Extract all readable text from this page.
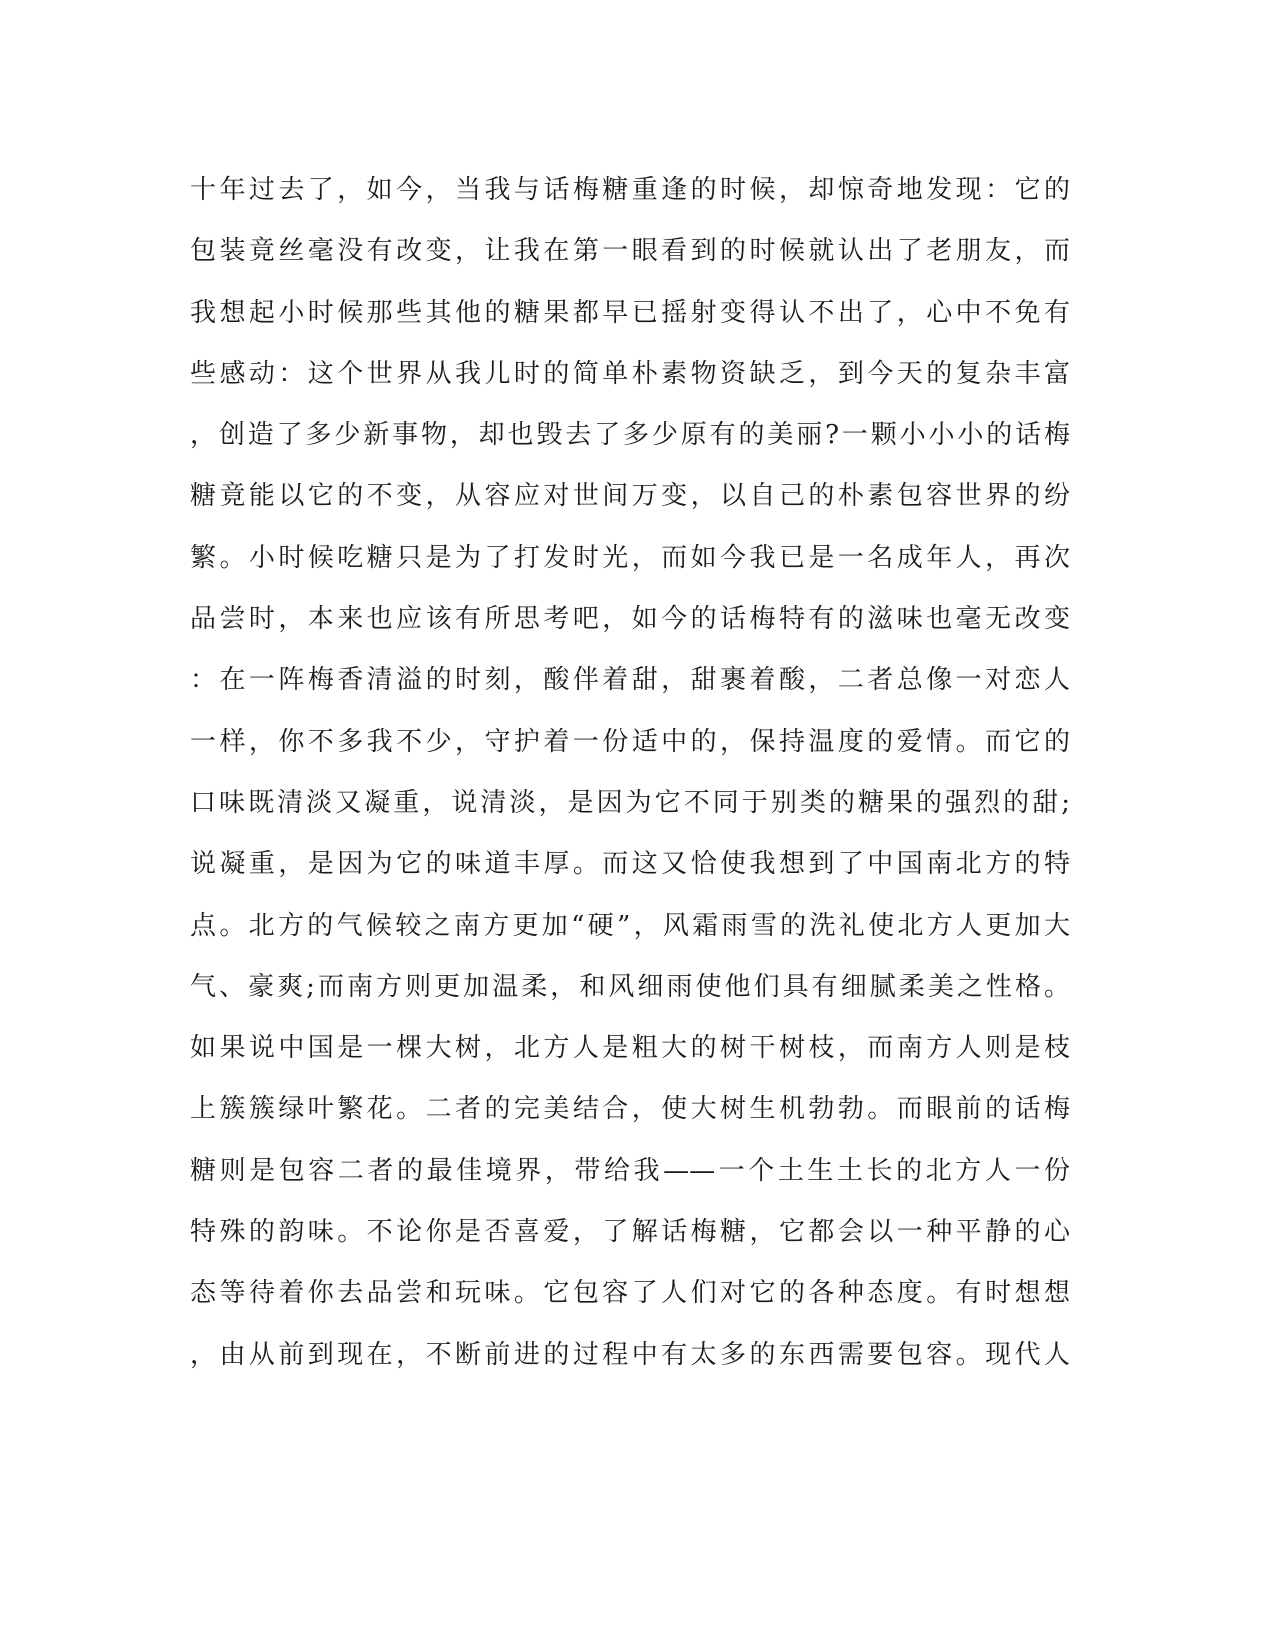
十年过去了，如今，当我与话梅糖重逢的时候，却惊奇地发现：它的
包装竟丝毫没有改变，让我在第一眼看到的时候就认出了老朋友，而
我想起小时候那些其他的糖果都早已摇射变得认不出了，心中不免有
些感动：这个世界从我儿时的简单朴素物资缺乏，到今天的复杂丰富
，创造了多少新事物，却也毁去了多少原有的美丽?一颗小小小的话梅
糖竟能以它的不变，从容应对世间万变，以自己的朴素包容世界的纷
繁。小时候吃糖只是为了打发时光，而如今我已是一名成年人，再次
品尝时，本来也应该有所思考吧，如今的话梅特有的滋味也毫无改变
：在一阵梅香清溢的时刻，酸伴着甜，甜裹着酸，二者总像一对恋人
一样，你不多我不少，守护着一份适中的，保持温度的爱情。而它的
口味既清淡又凝重，说清淡，是因为它不同于别类的糖果的强烈的甜;
说凝重，是因为它的味道丰厚。而这又恰使我想到了中国南北方的特
点。北方的气候较之南方更加“硬”，风霜雨雪的洗礼使北方人更加大
气、豪爽;而南方则更加温柔，和风细雨使他们具有细腻柔美之性格。
如果说中国是一棵大树，北方人是粗大的树干树枝，而南方人则是枝
上簇簇绿叶繁花。二者的完美结合，使大树生机勃勃。而眼前的话梅
糖则是包容二者的最佳境界，带给我——一个土生土长的北方人一份
特殊的韵味。不论你是否喜爱，了解话梅糖，它都会以一种平静的心
态等待着你去品尝和玩味。它包容了人们对它的各种态度。有时想想
，由从前到现在，不断前进的过程中有太多的东西需要包容。现代人
